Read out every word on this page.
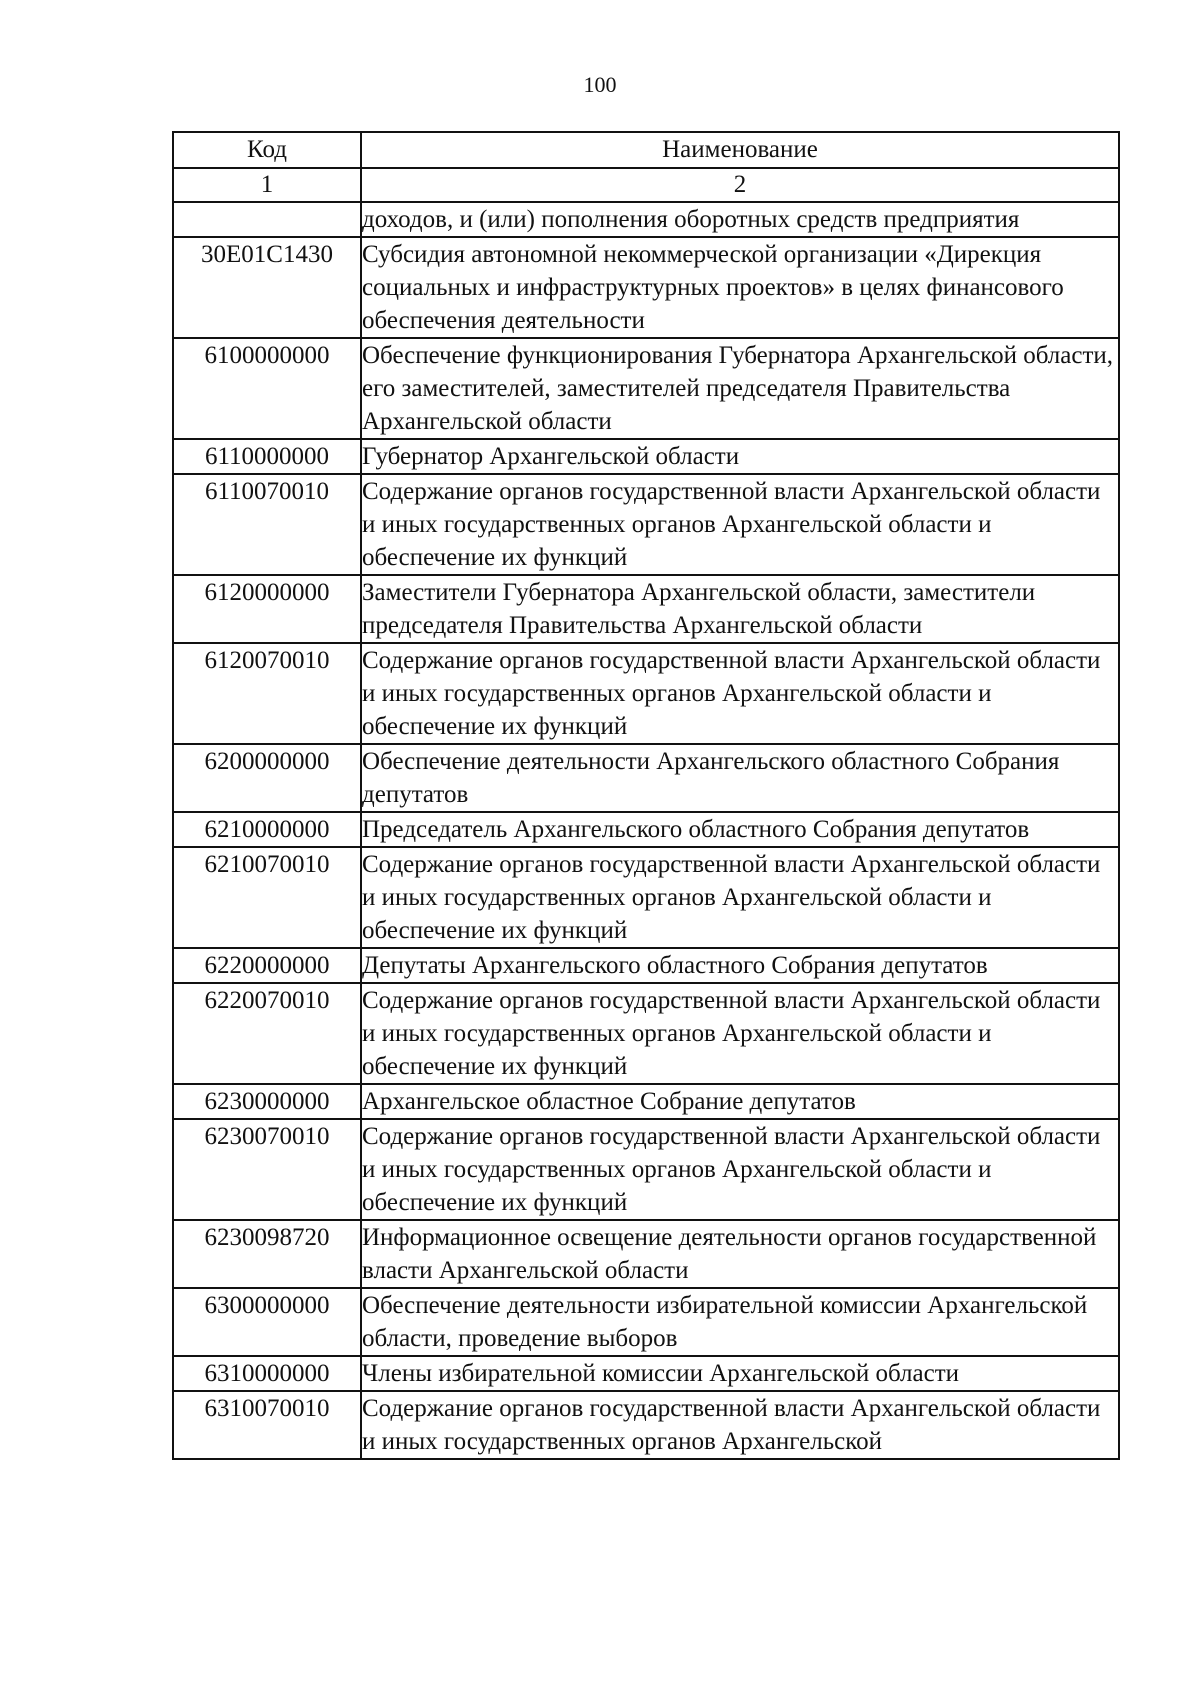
100
Код	Наименование
1	2
	доходов, и (или) пополнения оборотных средств предприятия
30E01С1430	Субсидия автономной некоммерческой организации «Дирекция социальных и инфраструктурных проектов» в целях финансового обеспечения деятельности
6100000000	Обеспечение функционирования Губернатора Архангельской области, его заместителей, заместителей председателя Правительства Архангельской области
6110000000	Губернатор Архангельской области
6110070010	Содержание органов государственной власти Архангельской области и иных государственных органов Архангельской области и обеспечение их функций
6120000000	Заместители Губернатора Архангельской области, заместители председателя Правительства Архангельской области
6120070010	Содержание органов государственной власти Архангельской области и иных государственных органов Архангельской области и обеспечение их функций
6200000000	Обеспечение деятельности Архангельского областного Собрания депутатов
6210000000	Председатель Архангельского областного Собрания депутатов
6210070010	Содержание органов государственной власти Архангельской области и иных государственных органов Архангельской области и обеспечение их функций
6220000000	Депутаты Архангельского областного Собрания депутатов
6220070010	Содержание органов государственной власти Архангельской области и иных государственных органов Архангельской области и обеспечение их функций
6230000000	Архангельское областное Собрание депутатов
6230070010	Содержание органов государственной власти Архангельской области и иных государственных органов Архангельской области и обеспечение их функций
6230098720	Информационное освещение деятельности органов государственной власти Архангельской области
6300000000	Обеспечение деятельности избирательной комиссии Архангельской области, проведение выборов
6310000000	Члены избирательной комиссии Архангельской области
6310070010	Содержание органов государственной власти Архангельской области и иных государственных органов Архангельской
